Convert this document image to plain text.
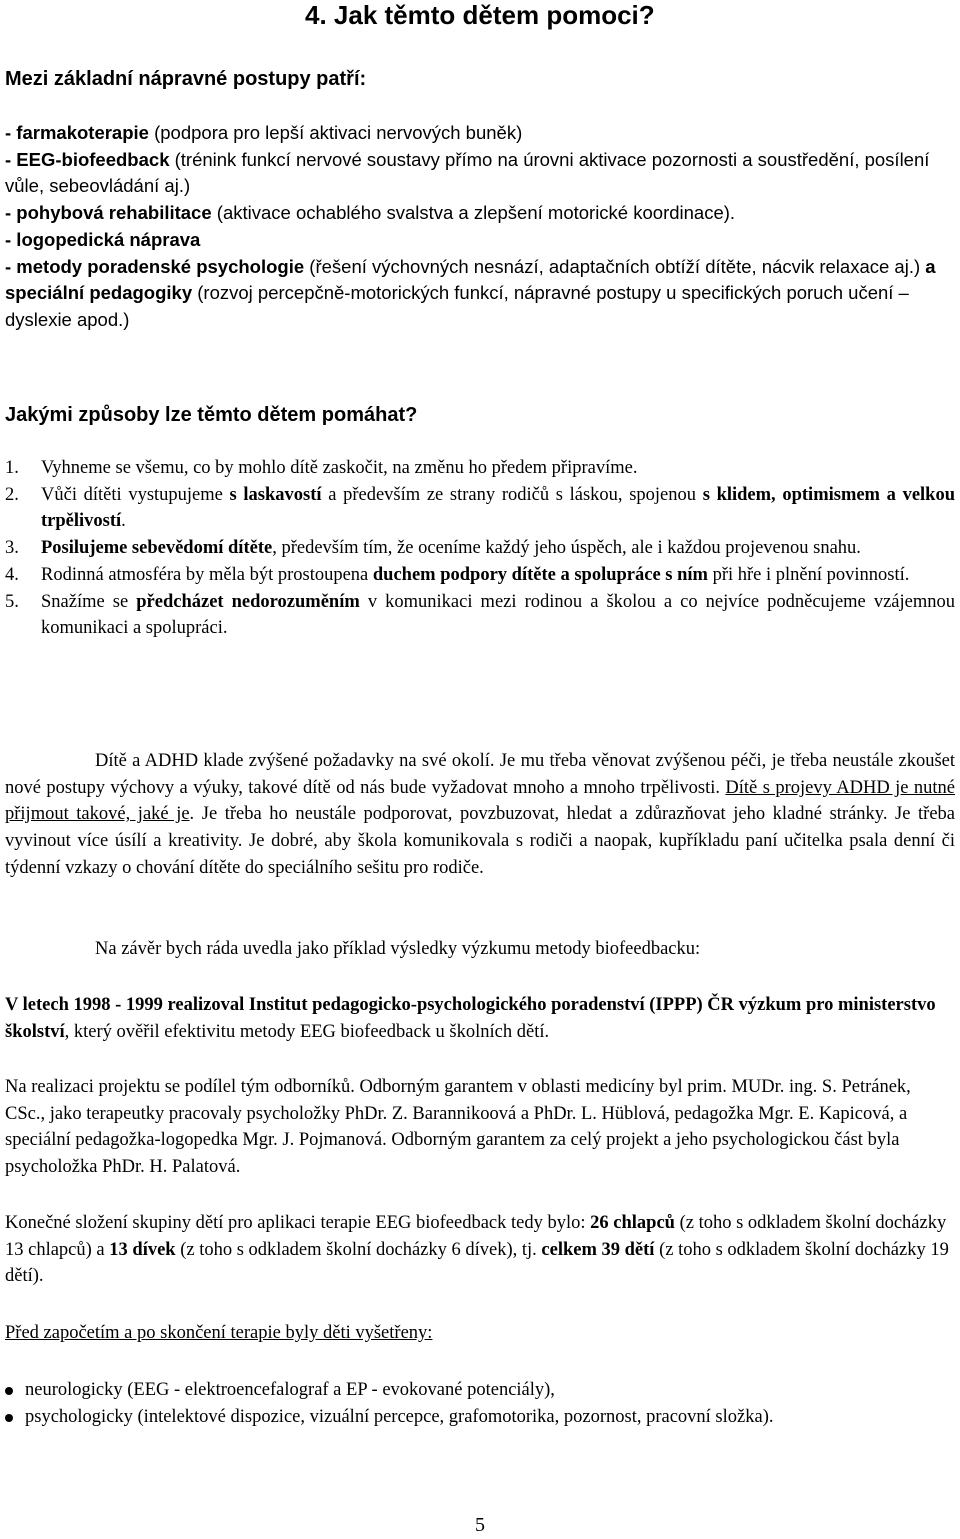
4. Jak těmto dětem pomoci?
Mezi základní nápravné postupy patří:
- farmakoterapie (podpora pro lepší aktivaci nervových buněk)
- EEG-biofeedback (trénink funkcí nervové soustavy přímo na úrovni aktivace pozornosti a soustředění, posílení vůle, sebeovládání aj.)
- pohybová rehabilitace (aktivace ochablého svalstva a zlepšení motorické koordinace).
- logopedická náprava
- metody poradenské psychologie (řešení výchovných nesnází, adaptačních obtíží dítěte, nácvik relaxace aj.) a speciální pedagogiky (rozvoj percepčně-motorických funkcí, nápravné postupy u specifických poruch učení – dyslexie apod.)
Jakými způsoby lze těmto dětem pomáhat?
1. Vyhneme se všemu, co by mohlo dítě zaskočit, na změnu ho předem připravíme.
2. Vůči dítěti vystupujeme s laskavostí a především ze strany rodičů s láskou, spojenou s klidem, optimismem a velkou trpělivostí.
3. Posilujeme sebevědomí dítěte, především tím, že oceníme každý jeho úspěch, ale i každou projevenou snahu.
4. Rodinná atmosféra by měla být prostoupena duchem podpory dítěte a spolupráce s ním při hře i plnění povinností.
5. Snažíme se předcházet nedorozuměním v komunikaci mezi rodinou a školou a co nejvíce podněcujeme vzájemnou komunikaci a spolupráci.
Dítě a ADHD klade zvýšené požadavky na své okolí. Je mu třeba věnovat zvýšenou péči, je třeba neustále zkoušet nové postupy výchovy a výuky, takové dítě od nás bude vyžadovat mnoho a mnoho trpělivosti. Dítě s projevy ADHD je nutné přijmout takové, jaké je. Je třeba ho neustále podporovat, povzbuzovat, hledat a zdůrazňovat jeho kladné stránky. Je třeba vyvinout více úsílí a kreativity. Je dobré, aby škola komunikovala s rodiči a naopak, kupříkladu paní učitelka psala denní či týdenní vzkazy o chování dítěte do speciálního sešitu pro rodiče.
Na závěr bych ráda uvedla jako příklad výsledky výzkumu metody biofeedbacku:
V letech 1998 - 1999 realizoval Institut pedagogicko-psychologického poradenství (IPPP) ČR výzkum pro ministerstvo školství, který ověřil efektivitu metody EEG biofeedback u školních dětí.
Na realizaci projektu se podílel tým odborníků. Odborným garantem v oblasti medicíny byl prim. MUDr. ing. S. Petránek, CSc., jako terapeutky pracovaly psycholožky PhDr. Z. Barannikoová a PhDr. L. Hüblová, pedagožka Mgr. E. Kapicová, a speciální pedagožka-logopedka Mgr. J. Pojmanová. Odborným garantem za celý projekt a jeho psychologickou část byla psycholožka PhDr. H. Palatová.
Konečné složení skupiny dětí pro aplikaci terapie EEG biofeedback tedy bylo: 26 chlapců (z toho s odkladem školní docházky 13 chlapců) a 13 dívek (z toho s odkladem školní docházky 6 dívek), tj. celkem 39 dětí (z toho s odkladem školní docházky 19 dětí).
Před započetím a po skončení terapie byly děti vyšetřeny:
neurologicky (EEG - elektroencefalograf a EP - evokované potenciály),
psychologicky (intelektové dispozice, vizuální percepce, grafomotorika, pozornost, pracovní složka).
5
